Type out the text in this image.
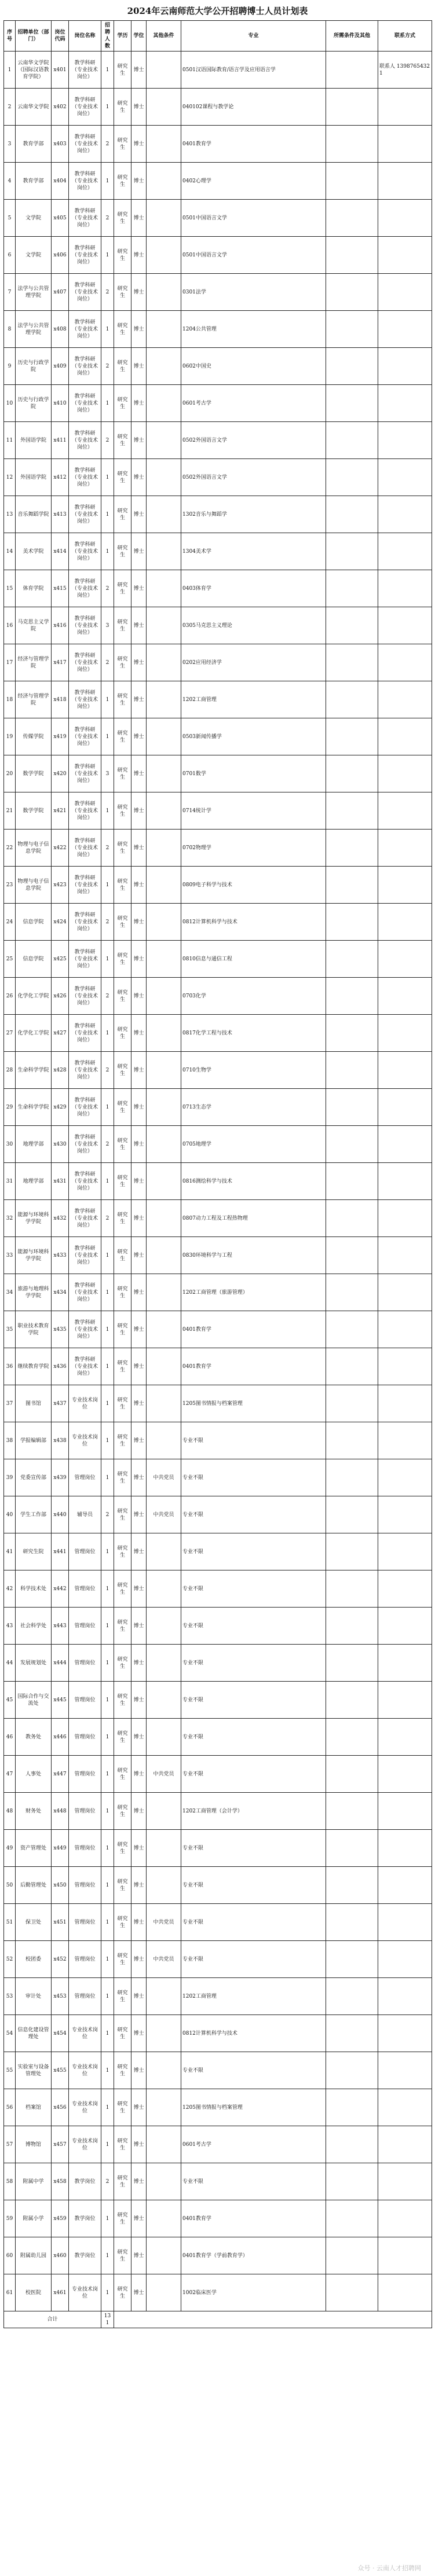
2024年云南师范大学公开招聘博士人员计划表
序号	招聘单位（部门）	岗位代码	岗位名称	招聘人数	学历	学位	其他条件	专业	所需条件及其他	联系方式
1	云南华文学院（国际汉语教育学院）	x401	教学科研（专业技术岗位）	1	研究生	博士		0501汉语国际教育/语言学及应用语言学		联系人 13987654321
2	云南华文学院	x402	教学科研（专业技术岗位）	1	研究生	博士		040102课程与教学论		
3	教育学部	x403	教学科研（专业技术岗位）	2	研究生	博士		0401教育学		
4	教育学部	x404	教学科研（专业技术岗位）	1	研究生	博士		0402心理学		
5	文学院	x405	教学科研（专业技术岗位）	2	研究生	博士		0501中国语言文学		
6	文学院	x406	教学科研（专业技术岗位）	1	研究生	博士		0501中国语言文学		
7	法学与公共管理学院	x407	教学科研（专业技术岗位）	2	研究生	博士		0301法学		
8	法学与公共管理学院	x408	教学科研（专业技术岗位）	1	研究生	博士		1204公共管理		
9	历史与行政学院	x409	教学科研（专业技术岗位）	2	研究生	博士		0602中国史		
10	历史与行政学院	x410	教学科研（专业技术岗位）	1	研究生	博士		0601考古学		
11	外国语学院	x411	教学科研（专业技术岗位）	2	研究生	博士		0502外国语言文学		
12	外国语学院	x412	教学科研（专业技术岗位）	1	研究生	博士		0502外国语言文学		
13	音乐舞蹈学院	x413	教学科研（专业技术岗位）	1	研究生	博士		1302音乐与舞蹈学		
14	美术学院	x414	教学科研（专业技术岗位）	1	研究生	博士		1304美术学		
15	体育学院	x415	教学科研（专业技术岗位）	2	研究生	博士		0403体育学		
16	马克思主义学院	x416	教学科研（专业技术岗位）	3	研究生	博士		0305马克思主义理论		
17	经济与管理学院	x417	教学科研（专业技术岗位）	2	研究生	博士		0202应用经济学		
18	经济与管理学院	x418	教学科研（专业技术岗位）	1	研究生	博士		1202工商管理		
19	传媒学院	x419	教学科研（专业技术岗位）	1	研究生	博士		0503新闻传播学		
20	数学学院	x420	教学科研（专业技术岗位）	3	研究生	博士		0701数学		
21	数学学院	x421	教学科研（专业技术岗位）	1	研究生	博士		0714统计学		
22	物理与电子信息学院	x422	教学科研（专业技术岗位）	2	研究生	博士		0702物理学		
23	物理与电子信息学院	x423	教学科研（专业技术岗位）	1	研究生	博士		0809电子科学与技术		
24	信息学院	x424	教学科研（专业技术岗位）	2	研究生	博士		0812计算机科学与技术		
25	信息学院	x425	教学科研（专业技术岗位）	1	研究生	博士		0810信息与通信工程		
26	化学化工学院	x426	教学科研（专业技术岗位）	2	研究生	博士		0703化学		
27	化学化工学院	x427	教学科研（专业技术岗位）	1	研究生	博士		0817化学工程与技术		
28	生命科学学院	x428	教学科研（专业技术岗位）	2	研究生	博士		0710生物学		
29	生命科学学院	x429	教学科研（专业技术岗位）	1	研究生	博士		0713生态学		
30	地理学部	x430	教学科研（专业技术岗位）	2	研究生	博士		0705地理学		
31	地理学部	x431	教学科研（专业技术岗位）	1	研究生	博士		0816测绘科学与技术		
32	能源与环境科学学院	x432	教学科研（专业技术岗位）	2	研究生	博士		0807动力工程及工程热物理		
33	能源与环境科学学院	x433	教学科研（专业技术岗位）	1	研究生	博士		0830环境科学与工程		
34	旅游与地理科学学院	x434	教学科研（专业技术岗位）	1	研究生	博士		1202工商管理（旅游管理）		
35	职业技术教育学院	x435	教学科研（专业技术岗位）	1	研究生	博士		0401教育学		
36	继续教育学院	x436	教学科研（专业技术岗位）	1	研究生	博士		0401教育学		
37	图书馆	x437	专业技术岗位	1	研究生	博士		1205图书情报与档案管理		
38	学报编辑部	x438	专业技术岗位	1	研究生	博士		专业不限		
39	党委宣传部	x439	管理岗位	1	研究生	博士	中共党员	专业不限		
40	学生工作部	x440	辅导员	2	研究生	博士	中共党员	专业不限		
41	研究生院	x441	管理岗位	1	研究生	博士		专业不限		
42	科学技术处	x442	管理岗位	1	研究生	博士		专业不限		
43	社会科学处	x443	管理岗位	1	研究生	博士		专业不限		
44	发展规划处	x444	管理岗位	1	研究生	博士		专业不限		
45	国际合作与交流处	x445	管理岗位	1	研究生	博士		专业不限		
46	教务处	x446	管理岗位	1	研究生	博士		专业不限		
47	人事处	x447	管理岗位	1	研究生	博士	中共党员	专业不限		
48	财务处	x448	管理岗位	1	研究生	博士		1202工商管理（会计学）		
49	资产管理处	x449	管理岗位	1	研究生	博士		专业不限		
50	后勤管理处	x450	管理岗位	1	研究生	博士		专业不限		
51	保卫处	x451	管理岗位	1	研究生	博士	中共党员	专业不限		
52	校团委	x452	管理岗位	1	研究生	博士	中共党员	专业不限		
53	审计处	x453	管理岗位	1	研究生	博士		1202工商管理		
54	信息化建设管理处	x454	专业技术岗位	1	研究生	博士		0812计算机科学与技术		
55	实验室与设备管理处	x455	专业技术岗位	1	研究生	博士		专业不限		
56	档案馆	x456	专业技术岗位	1	研究生	博士		1205图书情报与档案管理		
57	博物馆	x457	专业技术岗位	1	研究生	博士		0601考古学		
58	附属中学	x458	教学岗位	2	研究生	博士		专业不限		
59	附属小学	x459	教学岗位	1	研究生	博士		0401教育学		
60	附属幼儿园	x460	教学岗位	1	研究生	博士		0401教育学（学前教育学）		
61	校医院	x461	专业技术岗位	1	研究生	博士		1002临床医学		
合计				131						
众号 · 云南人才招聘网
